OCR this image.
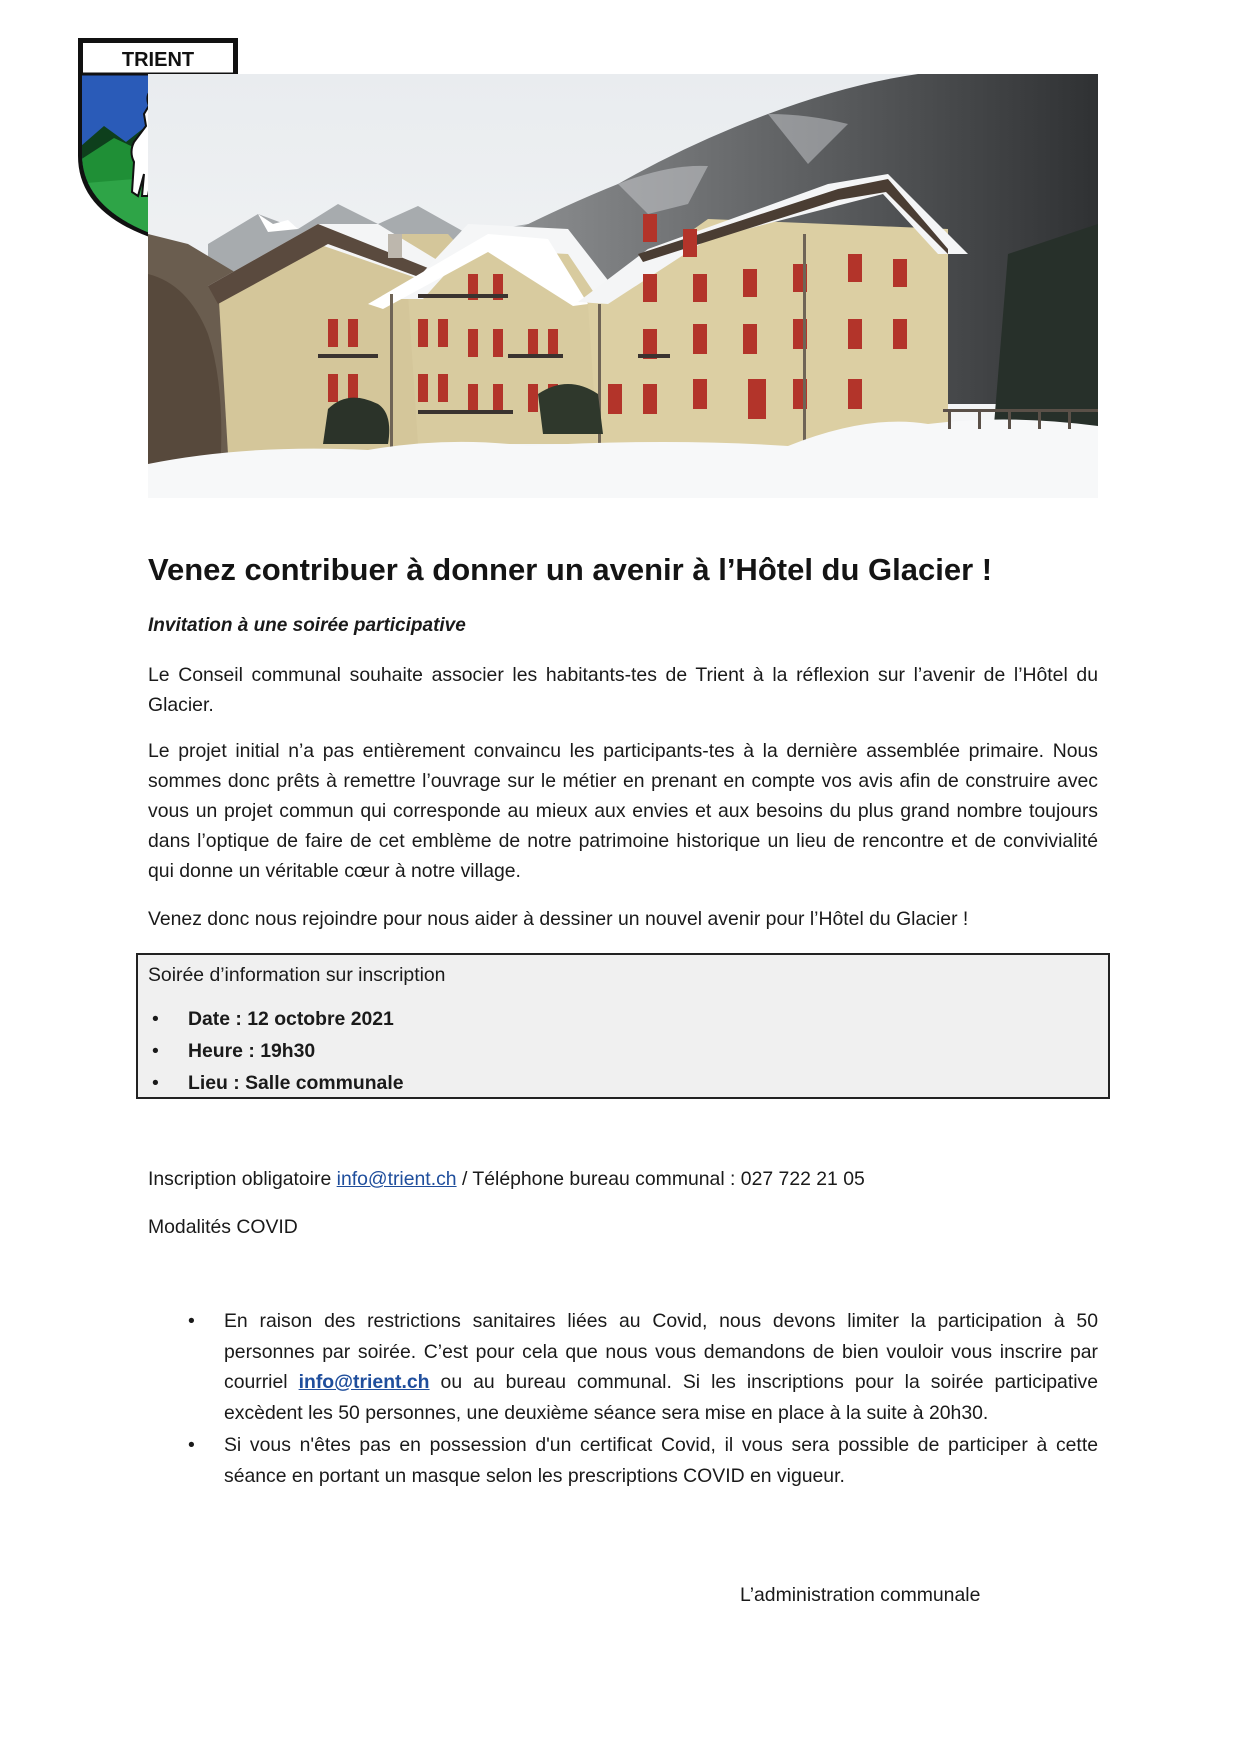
TRIENT
Venez contribuer à donner un avenir à l’Hôtel du Glacier !

Invitation à une soirée participative

Le Conseil communal souhaite associer les habitants-tes de Trient à la réflexion sur l’avenir de l’Hôtel du Glacier.

Le projet initial n’a pas entièrement convaincu les participants-tes à la dernière assemblée primaire. Nous sommes donc prêts à remettre l’ouvrage sur le métier en prenant en compte vos avis afin de construire avec vous un projet commun qui corresponde au mieux aux envies et aux besoins du plus grand nombre toujours dans l’optique de faire de cet emblème de notre patrimoine historique un lieu de rencontre et de convivialité qui donne un véritable cœur à notre village.

Venez donc nous rejoindre pour nous aider à dessiner un nouvel avenir pour l’Hôtel du Glacier !

Soirée d’information sur inscription

• Date : 12 octobre 2021
• Heure : 19h30
• Lieu : Salle communale

Inscription obligatoire info@trient.ch / Téléphone bureau communal : 027 722 21 05

Modalités COVID

• En raison des restrictions sanitaires liées au Covid, nous devons limiter la participation à 50 personnes par soirée. C’est pour cela que nous vous demandons de bien vouloir vous inscrire par courriel info@trient.ch ou au bureau communal. Si les inscriptions pour la soirée participative excèdent les 50 personnes, une deuxième séance sera mise en place à la suite à 20h30.
• Si vous n'êtes pas en possession d'un certificat Covid, il vous sera possible de participer à cette séance en portant un masque selon les prescriptions COVID en vigueur.

L’administration communale
